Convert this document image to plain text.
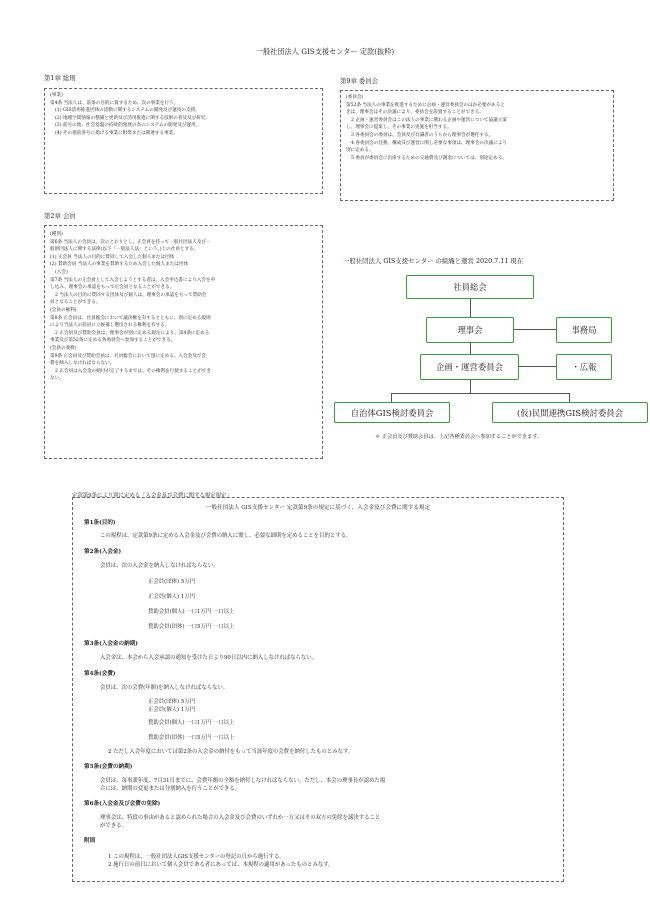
一般社団法人 GIS支援センター 定款(抜粋)
第1章 総則

(事業)

第4条 当法人は、前条の目的に資するため、次の事業を行う。

(1) GIS活用推進団体の活動に関するシステムの開発及び運用の支援。

(2) 地理空間情報の整備と更新及び活用推進に関する技術の普及及び研究。

(3) 前号の他、社会基盤の持続的発展の為のシステムの開発及び運用。

(4) その他前各号に掲げる事業に附帯または関連する事業。

第2章 会員

(種別)

第6条 当法人の会員は、次のとおりとし、正会員を持って一般社団法人及び一

般財団法人に関する法律(以下「一般法人法」という。)上の社員とする。

(1) 正会員 当法人の目的に賛同して入会した個人または団体

(2) 賛助会員 当法人の事業を賛助するため入会した個人または団体

(入会)

第7条 当法人の正会員として入会しようとする者は、入会申込書により入会を申

し込み、理事会の承認をもって正会員となることができる。

2 当法人の目的に賛同する団体及び個人は、理事会の承認をもって賛助会

員となることができる。

(会員の権利)

第8条 正会員は、社員総会において議決権を有するとともに、別に定める規則

により当法人の役員に立候補し選出される権利を有する。

2 正会員及び賛助会員は、理事会が別に定める規定により、第4条に定める

事業及び第52条に定める各委員会へ参加することができる。

(会員の義務)

第9条 正会員及び賛助会員は、社員総会において別に定める、入会金及び会

費を納入しなければならない。

2 正会員は入会金の納付が完了するまでは、その権利を行使することができ

ない。

第9章 委員会

(委員会)

第52条 当法人の事業を推進するために企画・運営委員会のほか必要があると

きは、理事会はその決議により、委員会を設置することができる。

2 企画・運営委員会はこの法人の事業に関わる企画や運営について協議立案

し、理事会に提案し、その事業の実施を担当する。

3 各委員会の委員は、会員及び有識者のうちから理事会が選任する。

4 各委員会の任務、構成及び運営に関し必要な事項は、理事会の決議により

別に定める。

5 委員が委員会に出席するための交通費及び謝金については、別途定める。

一般社団法人 GIS支援センター の組織と運営 2020.7.11 現在
社員総会
理事会	事務局
企画・運営委員会	・広報
自治体GIS検討委員会	(仮)民間連携GIS検討委員会
＊ 正会員及び賛助会員は、上記各種委員会へ参加することができます。
定款第9条により別に定める「入会金及び会費に関する規定規定」
一般社団法人 GIS支援センター 定款第9条の規定に基づく、入会金及び会費に関する規定
第1条(目的)
この規程は、定款第9条に定める入会金及び会費の納入に関し、必要な細則を定めることを目的とする。
第2条(入会金)
会員は、次の入会金を納入しなければならない。
正会員(団体) 5万円
正会員(個人) 1万円
賛助会員(個人) 一口1万円 一口以上
賛助会員(団体) 一口5万円 一口以上
第3条(入会金の納期)
入会金は、本会から入会承認の通知を受けた日より90日以内に納入しなければならない。
第4条(会費)
会員は、次の会費(年額)を納入しなければならない。
正会員(団体) 5万円
正会員(個人) 1万円
賛助会員(個人) 一口1万円 一口以上
賛助会員(団体) 一口5万円 一口以上
2 ただし入会年度においては第2条の入会金の納付をもって当該年度の会費を納付したものとみなす。
第5条(会費の納期)
会員は、毎事業年度、7月31日までに、会費年額の全額を納付しなければならない。ただし、本会の理事長が認めた場
合には、納期の変更または分割納入を行うことができる。
第6条(入会金及び会費の免除)
理事会は、特段の事由があると認められた場合の入会金及び会費のいずれか一方又はその双方の免除を議決すること
ができる。
附則
1 この規程は、一般社団法人GIS支援センターの登記の日から施行する。
2 施行日の前日において個人会員である者にあっては、本規程の適用があったものとみなす。
